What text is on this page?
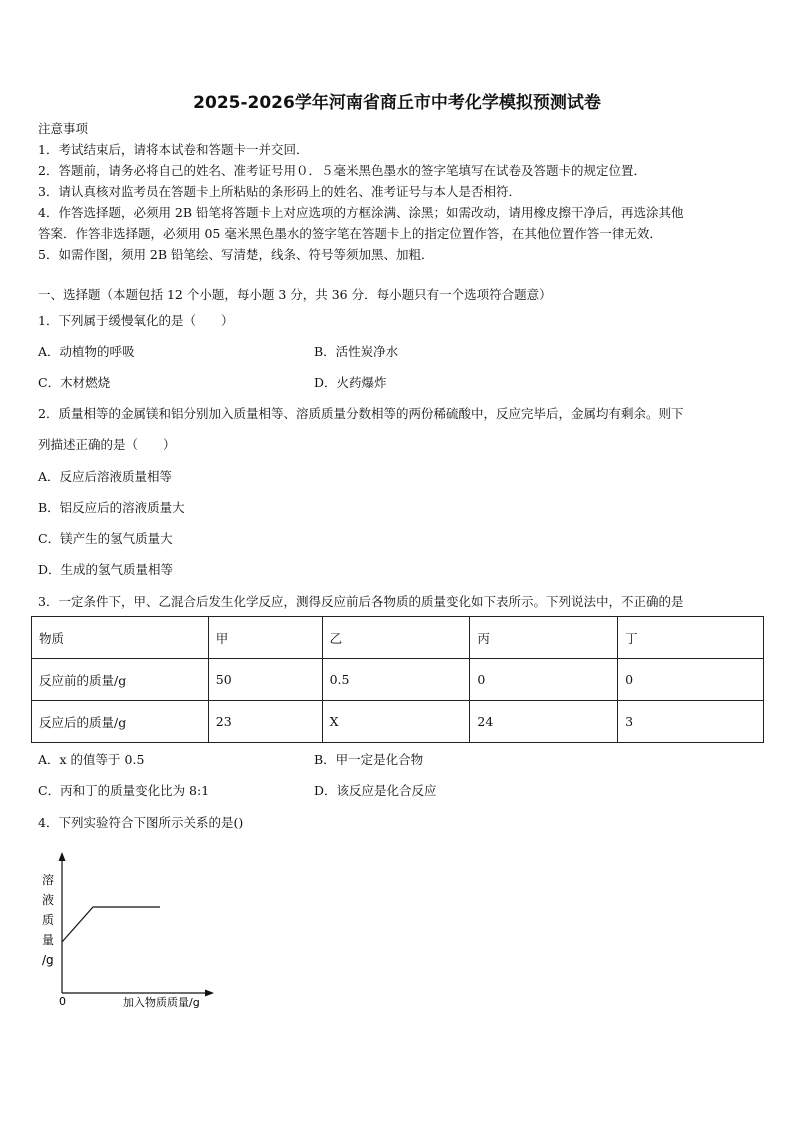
2025-2026学年河南省商丘市中考化学模拟预测试卷
注意事项
1．考试结束后，请将本试卷和答题卡一并交回．
2．答题前，请务必将自己的姓名、准考证号用０．５毫米黑色墨水的签字笔填写在试卷及答题卡的规定位置．
3．请认真核对监考员在答题卡上所粘贴的条形码上的姓名、准考证号与本人是否相符．
4．作答选择题，必须用 2B 铅笔将答题卡上对应选项的方框涂满、涂黑；如需改动，请用橡皮擦干净后，再选涂其他
答案．作答非选择题，必须用 05 毫米黑色墨水的签字笔在答题卡上的指定位置作答，在其他位置作答一律无效．
5．如需作图，须用 2B 铅笔绘、写清楚，线条、符号等须加黑、加粗．
一、选择题（本题包括 12 个小题，每小题 3 分，共 36 分．每小题只有一个选项符合题意）
1．下列属于缓慢氧化的是（　　）
A．动植物的呼吸	B．活性炭净水
C．木材燃烧	D．火药爆炸
2．质量相等的金属镁和铝分别加入质量相等、溶质质量分数相等的两份稀硫酸中，反应完毕后，金属均有剩余。则下
列描述正确的是（　　）
A．反应后溶液质量相等
B．铝反应后的溶液质量大
C．镁产生的氢气质量大
D．生成的氢气质量相等
3．一定条件下，甲、乙混合后发生化学反应，测得反应前后各物质的质量变化如下表所示。下列说法中，不正确的是
物质	甲	乙	丙	丁
反应前的质量/g	50	0.5	0	0
反应后的质量/g	23	X	24	3
A．x 的值等于 0.5	B．甲一定是化合物
C．丙和丁的质量变化比为 8:1	D．该反应是化合反应
4．下列实验符合下图所示关系的是()
溶
液
质
量
/g
0	加入物质质量/g
